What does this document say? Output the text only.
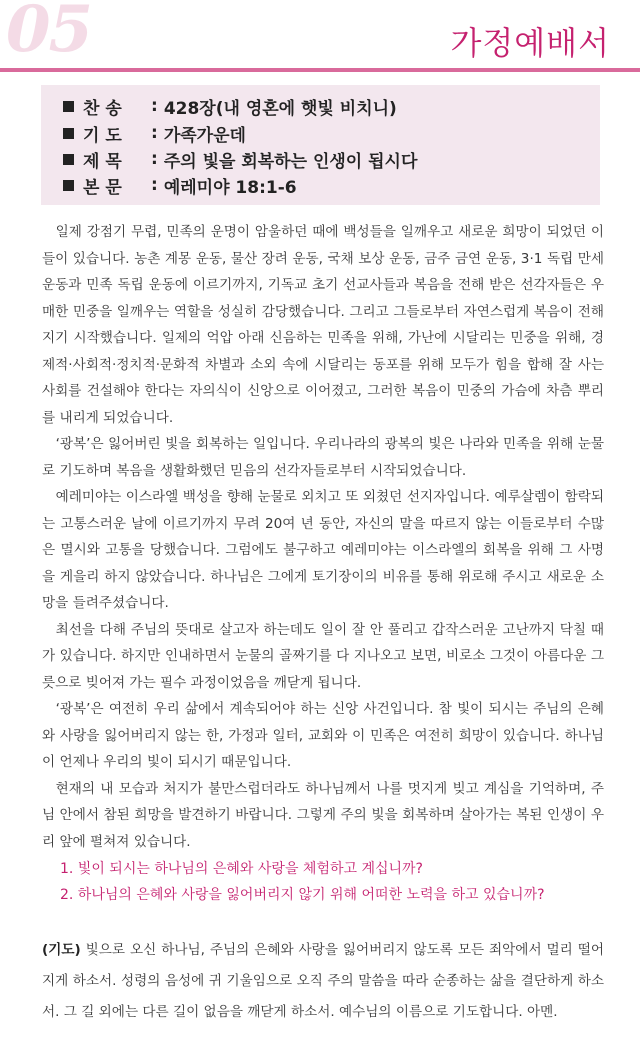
05	가정예배서
찬 송 : 428장(내 영혼에 햇빛 비치니)
기 도 : 가족가운데
제 목 : 주의 빛을 회복하는 인생이 됩시다
본 문 : 예레미야 18:1-6

일제 강점기 무렵, 민족의 운명이 암울하던 때에 백성들을 일깨우고 새로운 희망이 되었던 이들이 있습니다. 농촌 계몽 운동, 물산 장려 운동, 국채 보상 운동, 금주 금연 운동, 3·1 독립 만세 운동과 민족 독립 운동에 이르기까지, 기독교 초기 선교사들과 복음을 전해 받은 선각자들은 우매한 민중을 일깨우는 역할을 성실히 감당했습니다. 그리고 그들로부터 자연스럽게 복음이 전해지기 시작했습니다. 일제의 억압 아래 신음하는 민족을 위해, 가난에 시달리는 민중을 위해, 경제적·사회적·정치적·문화적 차별과 소외 속에 시달리는 동포를 위해 모두가 힘을 합해 잘 사는 사회를 건설해야 한다는 자의식이 신앙으로 이어졌고, 그러한 복음이 민중의 가슴에 차츰 뿌리를 내리게 되었습니다.

‘광복’은 잃어버린 빛을 회복하는 일입니다. 우리나라의 광복의 빛은 나라와 민족을 위해 눈물로 기도하며 복음을 생활화했던 믿음의 선각자들로부터 시작되었습니다.

예레미야는 이스라엘 백성을 향해 눈물로 외치고 또 외쳤던 선지자입니다. 예루살렘이 함락되는 고통스러운 날에 이르기까지 무려 20여 년 동안, 자신의 말을 따르지 않는 이들로부터 수많은 멸시와 고통을 당했습니다. 그럼에도 불구하고 예레미야는 이스라엘의 회복을 위해 그 사명을 게을리 하지 않았습니다. 하나님은 그에게 토기장이의 비유를 통해 위로해 주시고 새로운 소망을 들려주셨습니다.

최선을 다해 주님의 뜻대로 살고자 하는데도 일이 잘 안 풀리고 갑작스러운 고난까지 닥칠 때가 있습니다. 하지만 인내하면서 눈물의 골짜기를 다 지나오고 보면, 비로소 그것이 아름다운 그릇으로 빚어져 가는 필수 과정이었음을 깨닫게 됩니다.

‘광복’은 여전히 우리 삶에서 계속되어야 하는 신앙 사건입니다. 참 빛이 되시는 주님의 은혜와 사랑을 잃어버리지 않는 한, 가정과 일터, 교회와 이 민족은 여전히 희망이 있습니다. 하나님이 언제나 우리의 빛이 되시기 때문입니다.

현재의 내 모습과 처지가 불만스럽더라도 하나님께서 나를 멋지게 빚고 계심을 기억하며, 주님 안에서 참된 희망을 발견하기 바랍니다. 그렇게 주의 빛을 회복하며 살아가는 복된 인생이 우리 앞에 펼쳐져 있습니다.

1. 빛이 되시는 하나님의 은혜와 사랑을 체험하고 계십니까?
2. 하나님의 은혜와 사랑을 잃어버리지 않기 위해 어떠한 노력을 하고 있습니까?
(기도) 빛으로 오신 하나님, 주님의 은혜와 사랑을 잃어버리지 않도록 모든 죄악에서 멀리 떨어지게 하소서. 성령의 음성에 귀 기울임으로 오직 주의 말씀을 따라 순종하는 삶을 결단하게 하소서. 그 길 외에는 다른 길이 없음을 깨닫게 하소서. 예수님의 이름으로 기도합니다. 아멘.
